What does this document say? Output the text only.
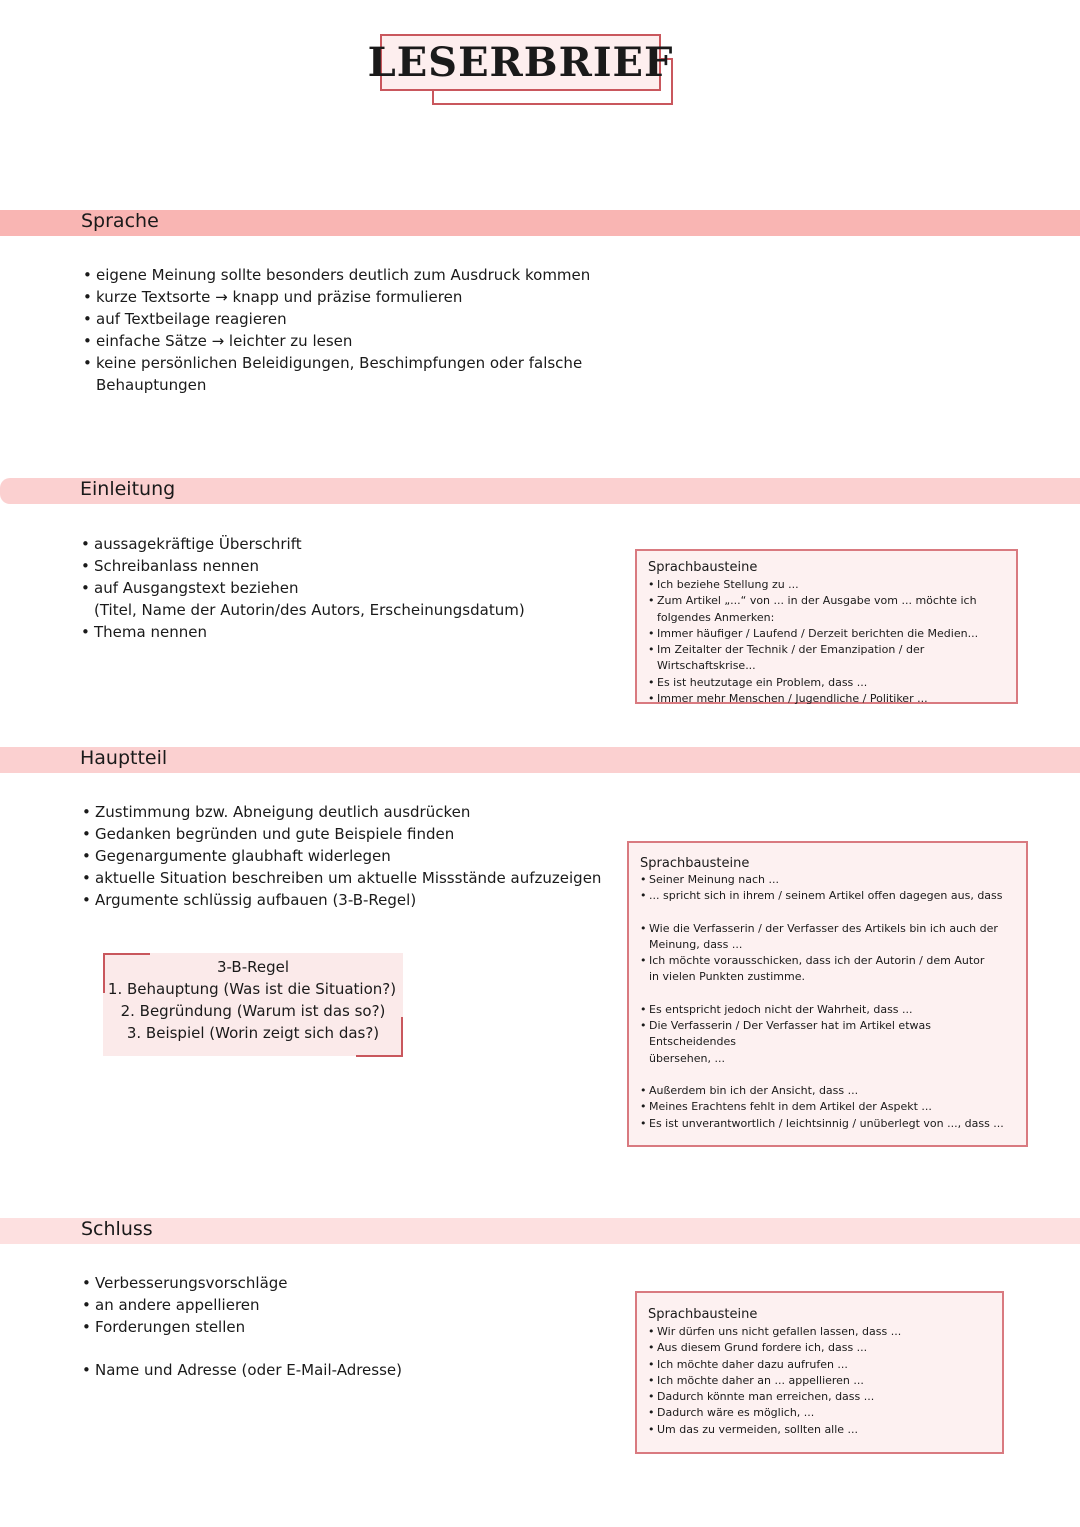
LESERBRIEF
Sprache
• eigene Meinung sollte besonders deutlich zum Ausdruck kommen
• kurze Textsorte → knapp und präzise formulieren
• auf Textbeilage reagieren
• einfache Sätze → leichter zu lesen
• keine persönlichen Beleidigungen, Beschimpfungen oder falsche
Behauptungen
Einleitung
• aussagekräftige Überschrift
• Schreibanlass nennen
• auf Ausgangstext beziehen
(Titel, Name der Autorin/des Autors, Erscheinungsdatum)
• Thema nennen
Sprachbausteine
• Ich beziehe Stellung zu ...
• Zum Artikel „...“ von ... in der Ausgabe vom ... möchte ich
folgendes Anmerken:
• Immer häufiger / Laufend / Derzeit berichten die Medien...
• Im Zeitalter der Technik / der Emanzipation / der Wirtschaftskrise...
• Es ist heutzutage ein Problem, dass ...
• Immer mehr Menschen / Jugendliche / Politiker ...
Hauptteil
• Zustimmung bzw. Abneigung deutlich ausdrücken
• Gedanken begründen und gute Beispiele finden
• Gegenargumente glaubhaft widerlegen
• aktuelle Situation beschreiben um aktuelle Missstände aufzuzeigen
• Argumente schlüssig aufbauen (3-B-Regel)
3-B-Regel
1. Behauptung (Was ist die Situation?)
2. Begründung (Warum ist das so?)
3. Beispiel (Worin zeigt sich das?)
Sprachbausteine
• Seiner Meinung nach ...
• ... spricht sich in ihrem / seinem Artikel offen dagegen aus, dass
• Wie die Verfasserin / der Verfasser des Artikels bin ich auch der
Meinung, dass ...
• Ich möchte vorausschicken, dass ich der Autorin / dem Autor
in vielen Punkten zustimme.
• Es entspricht jedoch nicht der Wahrheit, dass ...
• Die Verfasserin / Der Verfasser hat im Artikel etwas Entscheidendes
übersehen, ...
• Außerdem bin ich der Ansicht, dass ...
• Meines Erachtens fehlt in dem Artikel der Aspekt ...
• Es ist unverantwortlich / leichtsinnig / unüberlegt von ..., dass ...
Schluss
• Verbesserungsvorschläge
• an andere appellieren
• Forderungen stellen
• Name und Adresse (oder E-Mail-Adresse)
Sprachbausteine
• Wir dürfen uns nicht gefallen lassen, dass ...
• Aus diesem Grund fordere ich, dass ...
• Ich möchte daher dazu aufrufen ...
• Ich möchte daher an ... appellieren ...
• Dadurch könnte man erreichen, dass ...
• Dadurch wäre es möglich, ...
• Um das zu vermeiden, sollten alle ...
